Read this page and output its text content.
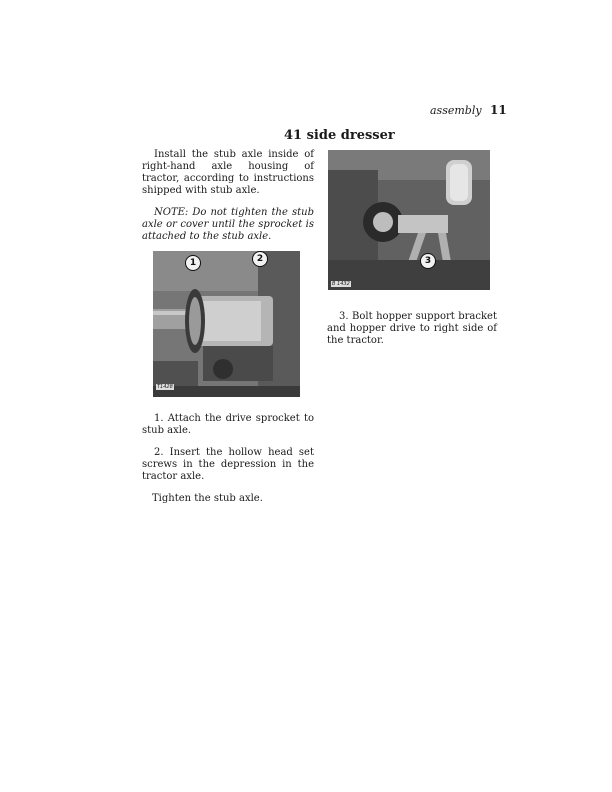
assembly 11
41 side dresser
Install the stub axle inside of right-hand axle housing of tractor, according to instructions shipped with stub axle.
NOTE: Do not tighten the stub axle or cover until the sprocket is attached to the stub axle.
1	2
T1428
3
B 1432
3. Bolt hopper support bracket and hopper drive to right side of the tractor.
1. Attach the drive sprocket to stub axle.
2. Insert the hollow head set screws in the depression in the tractor axle.
Tighten the stub axle.
